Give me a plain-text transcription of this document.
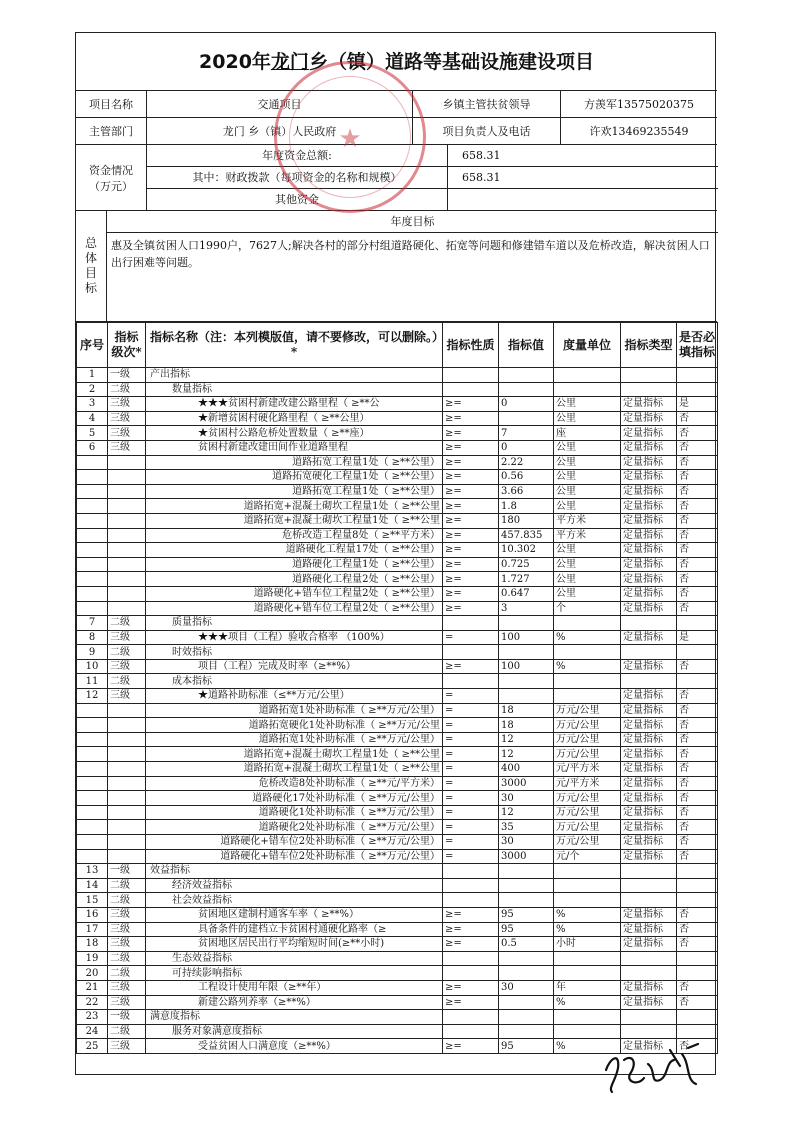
2020年龙门乡（镇）道路等基础设施建设项目
项目名称	交通项目	乡镇主管扶贫领导	方羡军13575020375
主管部门	龙门 乡（镇）人民政府	项目负责人及电话	许欢13469235549
资金情况（万元）
年度资金总额:	658.31
其中：财政拨款（每项资金的名称和规模）	658.31
其他资金
总体目标
年度目标
惠及全镇贫困人口1990户，7627人;解决各村的部分村组道路硬化、拓宽等问题和修建错车道以及危桥改造，解决贫困人口出行困难等问题。
序号	指标级次*	指标名称（注：本列模版值，请不要修改，可以删除。）*	指标性质	指标值	度量单位	指标类型	是否必填指标
1	一级	产出指标					
2	二级	数量指标					
3	三级	★★★贫困村新建改建公路里程（ ≥**公	≥=	0	公里	定量指标	是
4	三级	★新增贫困村硬化路里程（ ≥**公里）	≥=		公里	定量指标	否
5	三级	★贫困村公路危桥处置数量（ ≥**座）	≥=	7	座	定量指标	否
6	三级	贫困村新建改建田间作业道路里程	≥=	0	公里	定量指标	否
		道路拓宽工程量1处（ ≥**公里）	≥=	2.22	公里	定量指标	否
		道路拓宽硬化工程量1处（ ≥**公里）	≥=	0.56	公里	定量指标	否
		道路拓宽工程量1处（ ≥**公里）	≥=	3.66	公里	定量指标	否
		道路拓宽+混凝土砌坎工程量1处（ ≥**公里	≥=	1.8	公里	定量指标	否
		道路拓宽+混凝土砌坎工程量1处（ ≥**公里	≥=	180	平方米	定量指标	否
		危桥改造工程量8处（ ≥**平方米）	≥=	457.835	平方米	定量指标	否
		道路硬化工程量17处（ ≥**公里）	≥=	10.302	公里	定量指标	否
		道路硬化工程量1处（ ≥**公里）	≥=	0.725	公里	定量指标	否
		道路硬化工程量2处（ ≥**公里）	≥=	1.727	公里	定量指标	否
		道路硬化+错车位工程量2处（ ≥**公里）	≥=	0.647	公里	定量指标	否
		道路硬化+错车位工程量2处（ ≥**公里）	≥=	3	个	定量指标	否
7	二级	质量指标					
8	三级	★★★项目（工程）验收合格率 （100%）	=	100	%	定量指标	是
9	二级	时效指标					
10	三级	项目（工程）完成及时率（≥**%）	≥=	100	%	定量指标	否
11	二级	成本指标					
12	三级	★道路补助标准（≤**万元/公里）	=			定量指标	否
		道路拓宽1处补助标准（ ≥**万元/公里）	=	18	万元/公里	定量指标	否
		道路拓宽硬化1处补助标准（ ≥**万元/公里	=	18	万元/公里	定量指标	否
		道路拓宽1处补助标准（ ≥**万元/公里）	=	12	万元/公里	定量指标	否
		道路拓宽+混凝土砌坎工程量1处（ ≥**公里	=	12	万元/公里	定量指标	否
		道路拓宽+混凝土砌坎工程量1处（ ≥**公里	=	400	元/平方米	定量指标	否
		危桥改造8处补助标准（ ≥**元/平方米）	=	3000	元/平方米	定量指标	否
		道路硬化17处补助标准（ ≥**万元/公里）	=	30	万元/公里	定量指标	否
		道路硬化1处补助标准（ ≥**万元/公里）	=	12	万元/公里	定量指标	否
		道路硬化2处补助标准（ ≥**万元/公里）	=	35	万元/公里	定量指标	否
		道路硬化+错车位2处补助标准（ ≥**万元/公里）	=	30	万元/公里	定量指标	否
		道路硬化+错车位2处补助标准（ ≥**万元/公里）	=	3000	元/个	定量指标	否
13	一级	效益指标					
14	二级	经济效益指标					
15	二级	社会效益指标					
16	三级	贫困地区建制村通客车率（ ≥**%）	≥=	95	%	定量指标	否
17	三级	具备条件的建档立卡贫困村通硬化路率（≥	≥=	95	%	定量指标	否
18	三级	贫困地区居民出行平均缩短时间(≥**小时)	≥=	0.5	小时	定量指标	否
19	二级	生态效益指标					
20	二级	可持续影响指标					
21	三级	工程设计使用年限（≥**年）	≥=	30	年	定量指标	否
22	三级	新建公路列养率（≥**%）	≥=		%	定量指标	否
23	一级	满意度指标					
24	二级	服务对象满意度指标					
25	三级	受益贫困人口满意度（≥**%）	≥=	95	%	定量指标	否
★
